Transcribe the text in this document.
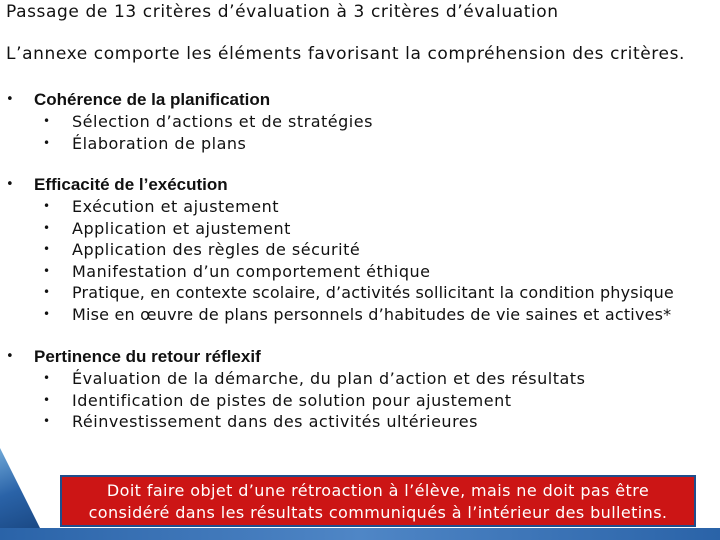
Passage de 13 critères d’évaluation à 3 critères d’évaluation
L’annexe comporte les éléments favorisant la compréhension des critères.
• Cohérence de la planification
• Sélection d’actions et de stratégies
• Élaboration de plans
• Efficacité de l’exécution
• Exécution et ajustement
• Application et ajustement
• Application des règles de sécurité
• Manifestation d’un comportement éthique
• Pratique, en contexte scolaire, d’activités sollicitant la condition physique
• Mise en œuvre de plans personnels d’habitudes de vie saines et actives*
• Pertinence du retour réflexif
• Évaluation de la démarche, du plan d’action et des résultats
• Identification de pistes de solution pour ajustement
• Réinvestissement dans des activités ultérieures
Doit faire objet d’une rétroaction à l’élève, mais ne doit pas être
considéré dans les résultats communiqués à l’intérieur des bulletins.
